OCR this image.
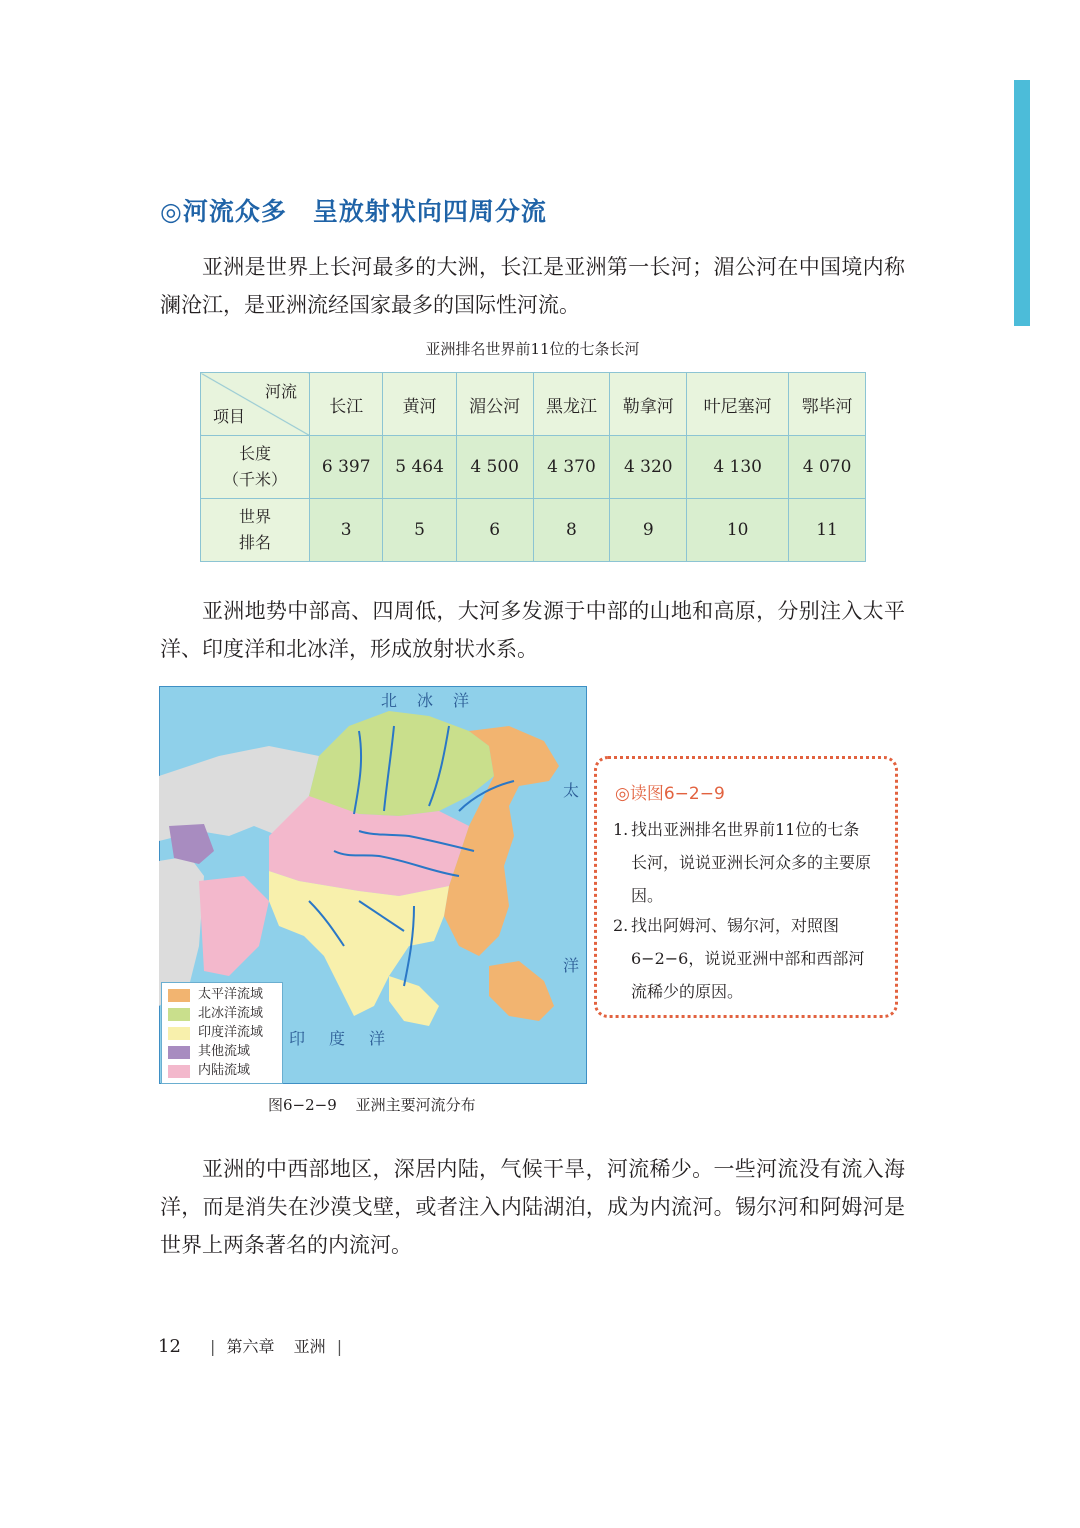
◎河流众多　呈放射状向四周分流

亚洲是世界上长河最多的大洲，长江是亚洲第一长河；湄公河在中国境内称澜沧江，是亚洲流经国家最多的国际性河流。

亚洲排名世界前11位的七条长河
河流
项目	长江	黄河	湄公河	黑龙江	勒拿河	叶尼塞河	鄂毕河

长度
（千米）	6 397	5 464	4 500	4 370	4 320	4 130	4 070

世界
排名	3	5	6	8	9	10	11

亚洲地势中部高、四周低，大河多发源于中部的山地和高原，分别注入太平洋、印度洋和北冰洋，形成放射状水系。

北 冰 洋
太
洋
印 度 洋
太平洋流域
北冰洋流域
印度洋流域
其他流域
内陆流域
图6−2−9 亚洲主要河流分布
◎读图6−2−9
1. 找出亚洲排名世界前11位的七条长河，说说亚洲长河众多的主要原因。
2. 找出阿姆河、锡尔河，对照图6−2−6，说说亚洲中部和西部河流稀少的原因。

亚洲的中西部地区，深居内陆，气候干旱，河流稀少。一些河流没有流入海洋，而是消失在沙漠戈壁，或者注入内陆湖泊，成为内流河。锡尔河和阿姆河是世界上两条著名的内流河。

12 | 第六章 亚洲 |
